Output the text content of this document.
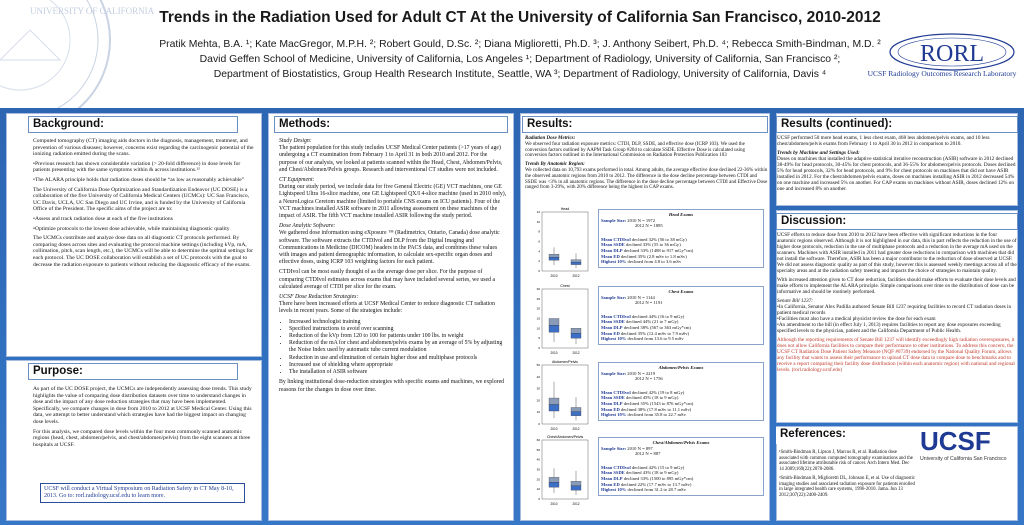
UNIVERSITY OF CALIFORNIA Trends in the Radiation Used for Adult CT At the University of California San Francisco, 2010-2012
Pratik Mehta, B.A. ¹; Kate MacGregor, M.P.H. ²; Robert Gould, D.Sc. ²; Diana Miglioretti, Ph.D. ³; J. Anthony Seibert, Ph.D. ⁴; Rebecca Smith-Bindman, M.D. ²
David Geffen School of Medicine, University of California, Los Angeles ¹; Department of Radiology, University of California, San Francisco ²;
Department of Biostatistics, Group Health Research Institute, Seattle, WA ³; Department of Radiology, University of California, Davis ⁴
RORL
UCSF Radiology Outcomes Research Laboratory
Background:

Computed tomography (CT) imaging aids doctors in the diagnosis, management, treatment, and prevention of various diseases; however, concerns exist regarding the carcinogenic potential of the ionizing radiation emitted during the scans.

•Previous research has shown considerable variation (> 20-fold difference) in dose levels for patients presenting with the same symptoms within & across institutions.¹²

•The ALARA principle holds that radiation doses should be “as low as reasonably achievable”

The University of California Dose Optimization and Standardization Endeavor (UC DOSE) is a collaboration of the five University of California Medical Centers (UCMCs): UC San Francisco, UC Davis, UCLA, UC San Diego and UC Irvine, and is funded by the University of California Office of the President. The specific aims of the project are to:

•Assess and track radiation dose at each of the five institutions

•Optimize protocols to the lowest dose achievable, while maintaining diagnostic quality

The UCMCs contribute and analyze dose data on all diagnostic CT protocols performed. By comparing doses across sites and evaluating the protocol machine settings (including kVp, mA, collimation, pitch, scan length, etc.), the UCMCs will be able to determine the optimal settings for each protocol. The UC DOSE collaboration will establish a set of UC protocols with the goal to decrease the radiation exposure to patients without reducing the diagnostic efficacy of the exams.

Purpose:

As part of the UC DOSE project, the UCMCs are independently assessing dose trends. This study highlights the value of comparing dose distribution datasets over time to understand changes in dose and the impact of any dose reduction strategies that may have been implemented. Specifically, we compare changes in dose from 2010 to 2012 at UCSF Medical Center. Using this data, we attempt to better understand which strategies have had the biggest impact on changing dose levels.

For this analysis, we compared dose levels within the four most commonly scanned anatomic regions (head, chest, abdomen/pelvis, and chest/abdomen/pelvis) from the eight scanners at three hospitals at UCSF.

UCSF will conduct a Virtual Symposium on Radiation Safety in CT May 8-10, 2013. Go to: rorl.radiology.ucsf.edu to learn more.
Methods:

Study Design:
The patient population for this study includes UCSF Medical Center patients (>17 years of age) undergoing a CT examination from February 1 to April 31 in both 2010 and 2012. For the purpose of our analysis, we looked at patients scanned within the Head, Chest, Abdomen/Pelvis, and Chest/Abdomen/Pelvis groups. Research and interventional CT studies were not included.

CT Equipment:
During our study period, we include data for five General Electric (GE) VCT machines, one GE Lightspeed Ultra 16-slice machine, one GE Lightspeed QX/I 4-slice machine (used in 2010 only), a NeuroLogica Ceretom machine (limited to portable CNS exams on ICU patients). Four of the VCT machines installed ASIR software in 2011 allowing assessment on these machines of the impact of ASIR. The fifth VCT machine installed ASIR following the study period.

Dose Analytic Software:
We gathered dose information using eXposure ™ (Radimetrics, Ontario, Canada) dose analytic software. The software extracts the CTDIvol and DLP from the Digital Imaging and Communications in Medicine (DICOM) headers in the PACS data, and combines these values with images and patient demographic information, to calculate sex-specific organ doses and effective doses, using ICRP 103 weighting factors for each patient.

CTDIvol can be most easily thought of as the average dose per slice. For the purpose of comparing CTDIvol estimates across exams that may have included several series, we used a calculated average of CTDI per slice for the exam.

UCSF Dose Reduction Strategies:
There have been increased efforts at UCSF Medical Center to reduce diagnostic CT radiation levels in recent years. Some of the strategies include:

• Increased technologist training
• Specified instructions to avoid over scanning
• Reduction of the kVp from 120 to 100 for patients under 100 lbs. in weight
• Reduction of the mA for chest and abdomen/pelvis exams by an average of 5% by adjusting the Noise Index used by automatic tube current modulation
• Reduction in use and elimination of certain higher dose and multiphase protocols
• Increased use of shielding where appropriate
• The installation of ASIR software

By linking institutional dose-reduction strategies with specific exams and machines, we explored reasons for the changes in dose over time.

Results:

Radiation Dose Metrics:
We observed four radiation exposure metrics: CTDI, DLP, SSDE, and effective dose (ICRP 103). We used the conversion factors outlined by AAPM Task Group #204 to calculate SSDE. Effective Dose is calculated using conversion factors outlined in the International Commission on Radiation Protection Publication 103

Trends By Anatomic Region:
We collected data on 10,793 exams performed in total. Among adults, the average effective dose declined 22-36% within the observed anatomic regions from 2010 to 2012. The difference in the dose decline percentage between CTDI and SSDE was <3% in all anatomic regions. The difference in the dose decline percentage between CTDI and Effective Dose ranged from 3-29%, with 20% difference being the highest in CAP exams.

Head
12
10
8
6
4
2
0
2010	2012
Head Exams
Sample Size: 2010 N = 1972
2012 N = 1885
Mean CTDIvol declined 32% (56 to 38 mGy)
Mean SSDE declined 33% (55 to 36 mGy)
Mean DLP declined 33% (1488 to 917 mGy*cm)
Mean ED declined 35% (2.8 mSv to 1.8 mSv)
Highest 10% declined from 4.8 to 3.6 mSv
Chest
30
25
20
15
10
5
0
2010	2012
Chest Exams
Sample Size: 2010 N = 1144
2012 N = 1191
Mean CTDIvol declined 44% (16 to 9 mGy)
Mean SSDE declined 44% (21 to 7 mGy)
Mean DLP declined 38% (567 to 363 mGy*cm)
Mean ED declined 35% (12.4 mSv to 7.9 mSv)
Highest 10% declined from 13.6 to 9.5 mSv
Abdomen/Pelvis
50
40
30
20
10
0
2010	2012
Abdomen/Pelvis Exams
Sample Size: 2010 N = 2219
2012 N = 1756
Mean CTDIvol declined 42% (19 to 8 mGy)
Mean SSDE declined 45% (18 to 9 mGy)
Mean DLP declined 35% (1543 to 876 mGy*cm)
Mean ED declined 38% (17.8 mSv to 11.1 mSv)
Highest 10% declined from 35.8 to 22.7 mSv
Chest/Abdomen/Pelvis
60
50
40
30
20
10
0
2010	2012
Chest/Abdomen/Pelvis Exams
Sample Size: 2010 N = 897
2012 N = 887
Mean CTDIvol declined 42% (15 to 9 mGy)
Mean SSDE declined 43% (18 to 9 mGy)
Mean DLP declined 33% (1500 to 895 mGy*cm)
Mean ED declined 22% (17.7 mSv to 13.7 mSv)
Highest 10% declined from 31.2 to 28.7 mSv
Results (continued):

UCSF performed 50 more head exams, 1 less chest exam, 468 less abdomen/pelvis exams, and 10 less chest/abdomen/pelvis exams from February 1 to April 30 in 2012 in comparison to 2010.

Trends by Machine and Settings Used:
Doses on machines that installed the adaptive statistical iterative reconstruction (ASIR) software in 2012 declined 38-49% for head protocols, 30-45% for chest protocols, and 36-55% for abdomen/pelvis protocols. Doses declined 5% for head protocols, 32% for head protocols, and 9% for chest protocols on machines that did not have ASIR installed in 2012. For the chest/abdomen/pelvis exams, doses on machines installing ASIR in 2012 decreased 54% on one machine and increased 5% on another. For CAP exams on machines without ASIR, doses declined 12% on one and increased 8% on another.

Discussion:

UCSF efforts to reduce dose from 2010 to 2012 have been effective with significant reductions in the four anatomic regions observed. Although it is not highlighted in our data, this in part reflects the reduction in the use of higher dose protocols, reduction in the use of multiphase protocols and a reduction in the average mA used on the scanners. Machines with ASIR installed in 2011 had greater dose reductions in comparison with machines that did not install the software. Therefore, ASIR has been a major contributor to the reduction of dose observed at UCSF. We did not assess diagnostic quality as part of this study, however this is assessed weekly meetings across all of the specialty areas and at the radiation safety meeting and impacts the choice of strategies to maintain quality.

With increased attention given to CT dose reduction, facilities should make efforts to evaluate their dose levels and make efforts to implement the ALARA principle. Simple comparisons over time on the distribution of dose can be informative and should be routinely performed.

Senate Bill 1237:
•In California, Senator Alex Padilla authored Senate Bill 1237 requiring facilities to record CT radiation doses in patient medical records
•Facilities must also have a medical physicist review the dose for each exam
•An amendment to the bill (in effect July 1, 2013) requires facilities to report any dose exposures exceeding specified levels to the physician, patient and the California Department of Public Health.

Although the reporting requirements of Senate Bill 1237 will identify exceedingly high radiation overexposures, it does not allow California facilities to compare their performance to other institutions. To address this concern, the UCSF CT Radiation Dose Patient Safety Measure (NQF #0739) endorsed by the National Quality Forum, allows any facility that wants to assess their performance to upload CT dose data to compare dose to benchmarks and to receive a report comparing their facility dose distribution (within each anatomic region) with national and regional levels. (rorl.radiology.ucsf.edu)

References:

¹Smith-Bindman R, Lipson J, Marcus R, et al. Radiation dose associated with common computed tomography examinations and the associated lifetime attributable risk of cancer. Arch Intern Med. Dec 14 2009;169(22):2078-2086.

²Smith-Bindman R, Miglioretti DL, Johnson E, et al. Use of diagnostic imaging studies and associated radiation exposure for patients enrolled in large integrated health care systems, 1996-2010. Jama. Jun 13 2012;307(22):2400-2409.

UCSF
University of California San Francisco
